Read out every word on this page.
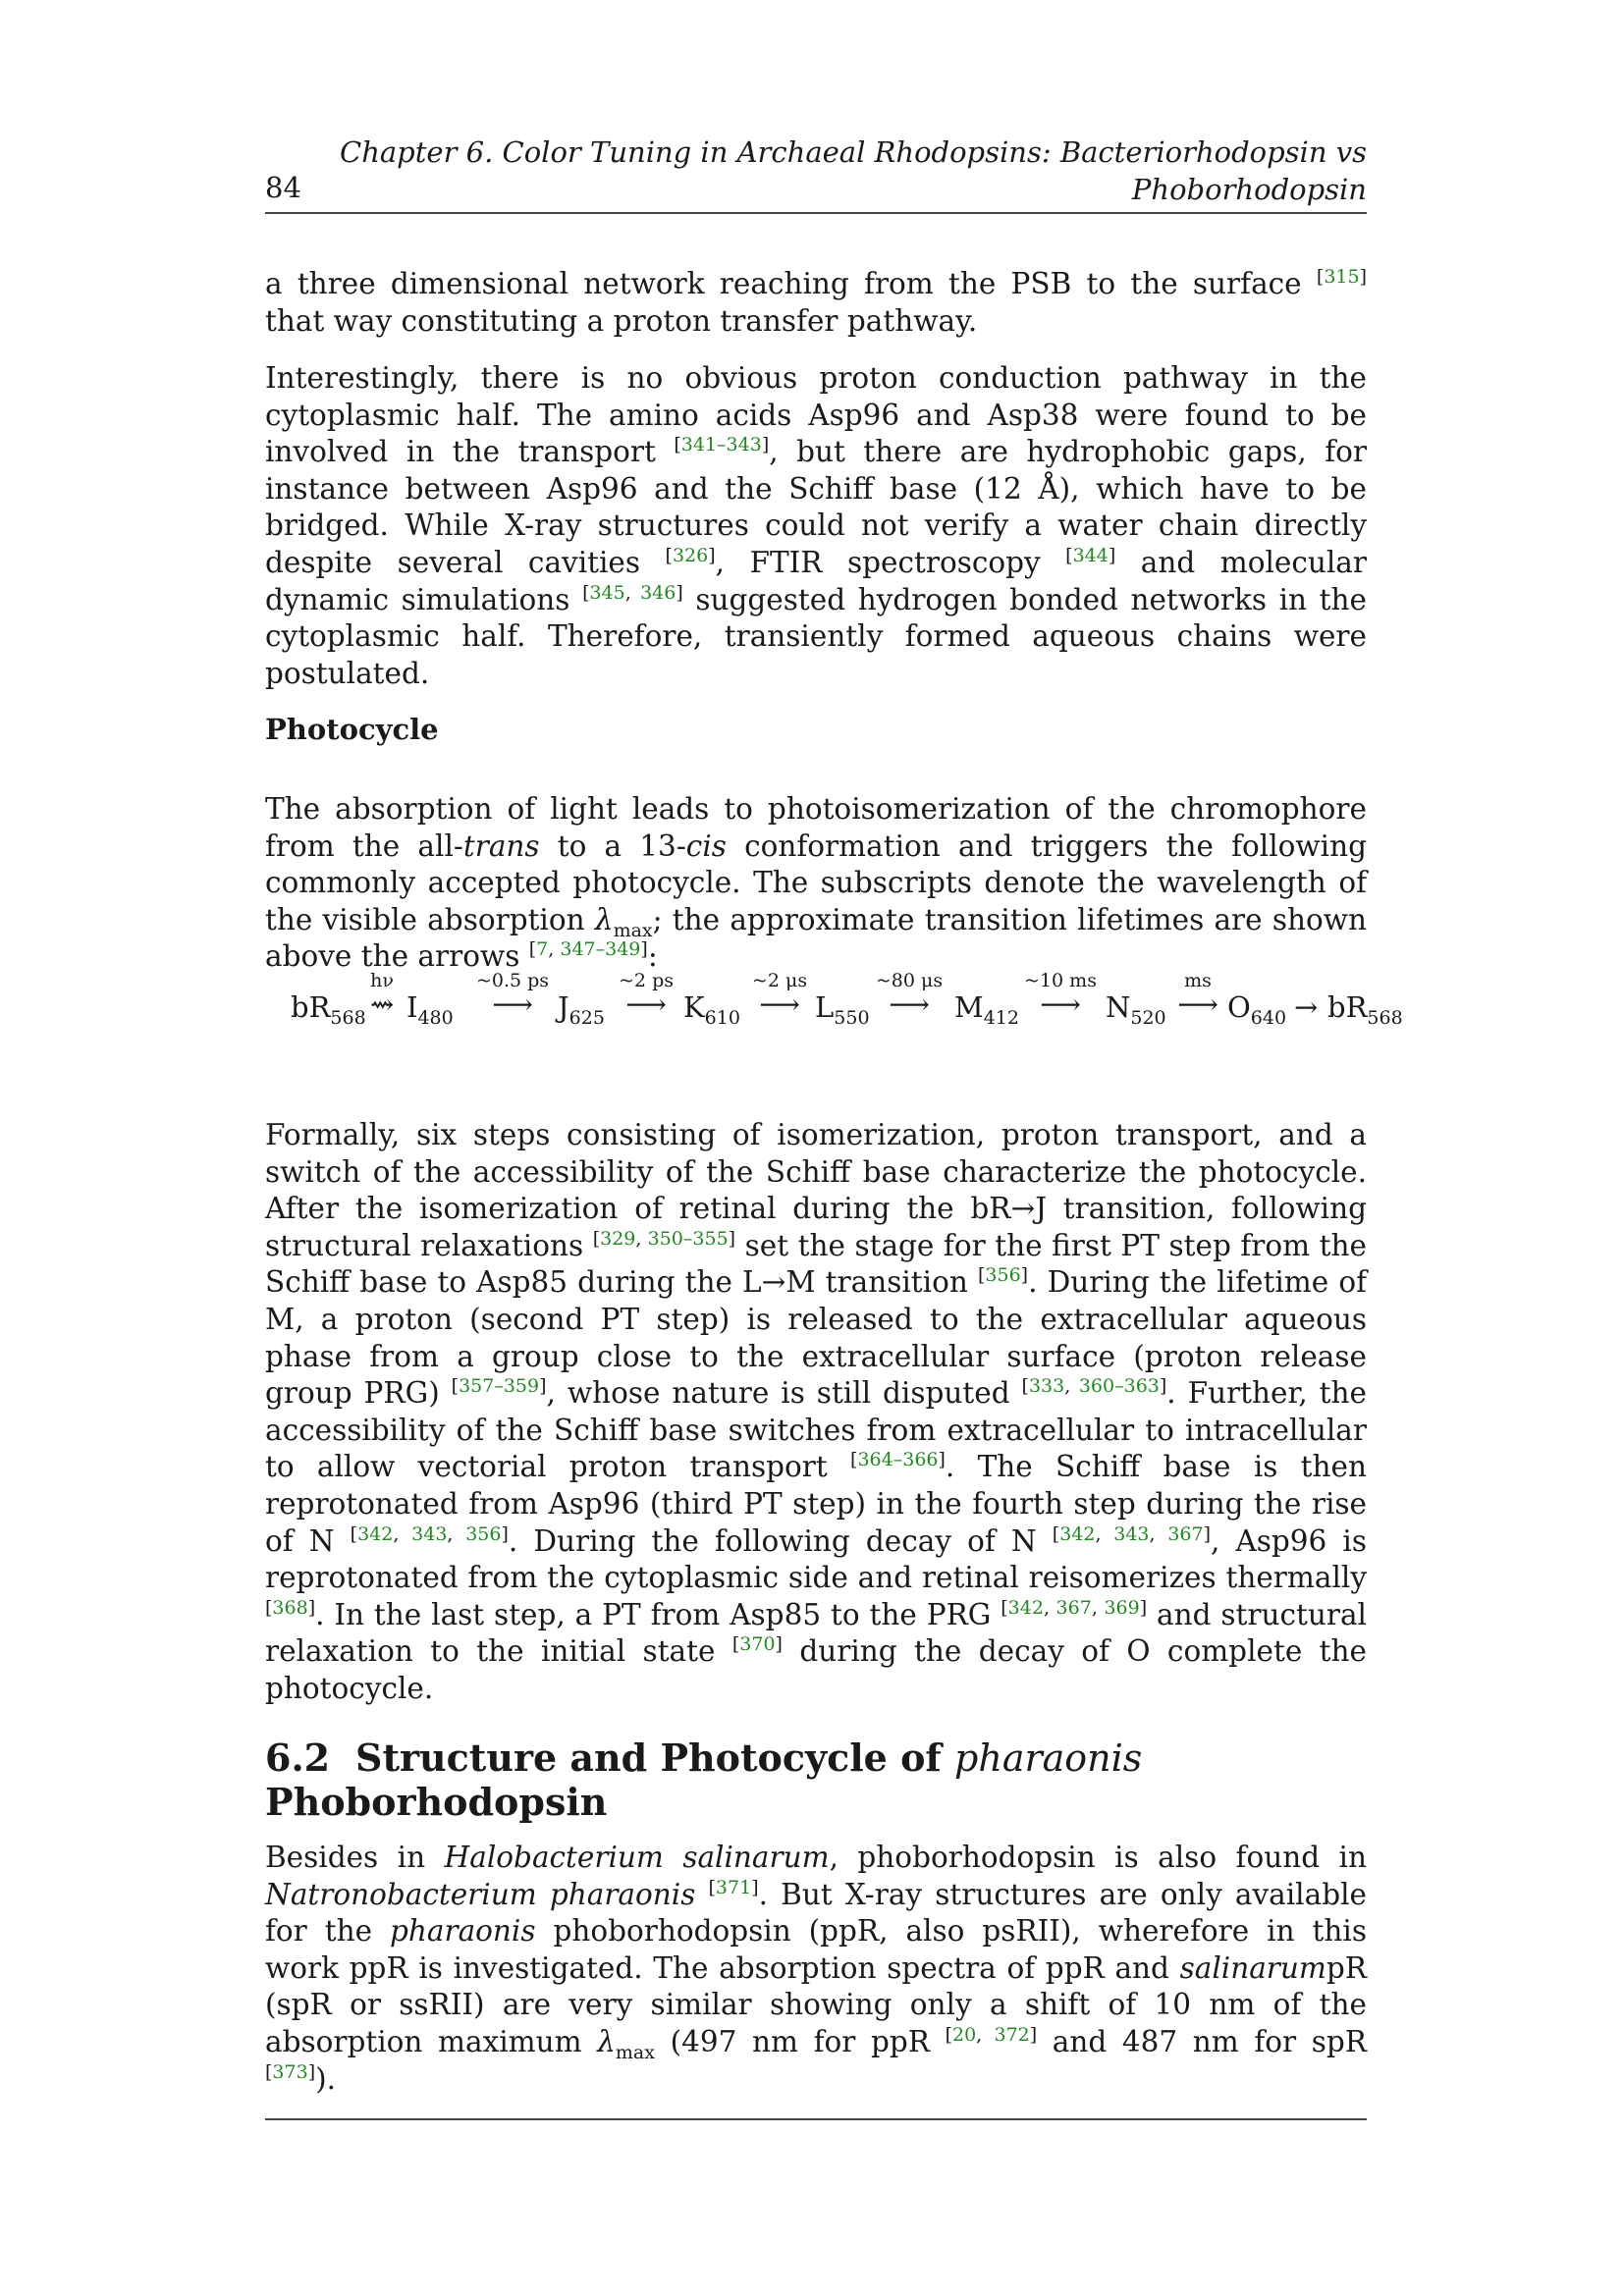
84
Chapter 6. Color Tuning in Archaeal Rhodopsins: Bacteriorhodopsin vs
Phoborhodopsin

a three dimensional network reaching from the PSB to the surface [315] that way constituting a proton transfer pathway.

Interestingly, there is no obvious proton conduction pathway in the cytoplasmic half. The amino acids Asp96 and Asp38 were found to be involved in the transport [341–343], but there are hydrophobic gaps, for instance between Asp96 and the Schiff base (12 Å), which have to be bridged. While X-ray structures could not verify a water chain directly despite several cavities [326], FTIR spectroscopy [344] and molecular dynamic simulations [345, 346] suggested hydrogen bonded networks in the cytoplasmic half. Therefore, transiently formed aqueous chains were postulated.

Photocycle

The absorption of light leads to photoisomerization of the chromophore from the all-trans to a 13-cis conformation and triggers the following commonly accepted photocycle. The subscripts denote the wavelength of the visible absorption $\lambda_{max}$; the approximate transition lifetimes are shown above the arrows [7, 347–349]:

$bR_{568}$
hν
⇝ $I_{480}$
~0.5 ps
⟶ $J_{625}$
~2 ps
⟶ $K_{610}$
~2 μs
⟶ $L_{550}$
~80 μs
⟶ $M_{412}$
~10 ms
⟶ $N_{520}$
ms
⟶ $O_{640} \to bR_{568}$

Formally, six steps consisting of isomerization, proton transport, and a switch of the accessibility of the Schiff base characterize the photocycle. After the isomerization of retinal during the bR→J transition, following structural relaxations [329, 350–355] set the stage for the first PT step from the Schiff base to Asp85 during the L→M transition [356]. During the lifetime of M, a proton (second PT step) is released to the extracellular aqueous phase from a group close to the extracellular surface (proton release group PRG) [357–359], whose nature is still disputed [333, 360–363]. Further, the accessibility of the Schiff base switches from extracellular to intracellular to allow vectorial proton transport [364–366]. The Schiff base is then reprotonated from Asp96 (third PT step) in the fourth step during the rise of N [342, 343, 356]. During the following decay of N [342, 343, 367], Asp96 is reprotonated from the cytoplasmic side and retinal reisomerizes thermally [368]. In the last step, a PT from Asp85 to the PRG [342, 367, 369] and structural relaxation to the initial state [370] during the decay of O complete the photocycle.

6.2 Structure and Photocycle of pharaonis Phoborhodopsin

Besides in Halobacterium salinarum, phoborhodopsin is also found in Natronobacterium pharaonis [371]. But X-ray structures are only available for the pharaonis phoborhodopsin (ppR, also psRII), wherefore in this work ppR is investigated. The absorption spectra of ppR and salinarumpR (spR or ssRII) are very similar showing only a shift of 10 nm of the absorption maximum $\lambda_{max}$ (497 nm for ppR [20, 372] and 487 nm for spR [373]).
